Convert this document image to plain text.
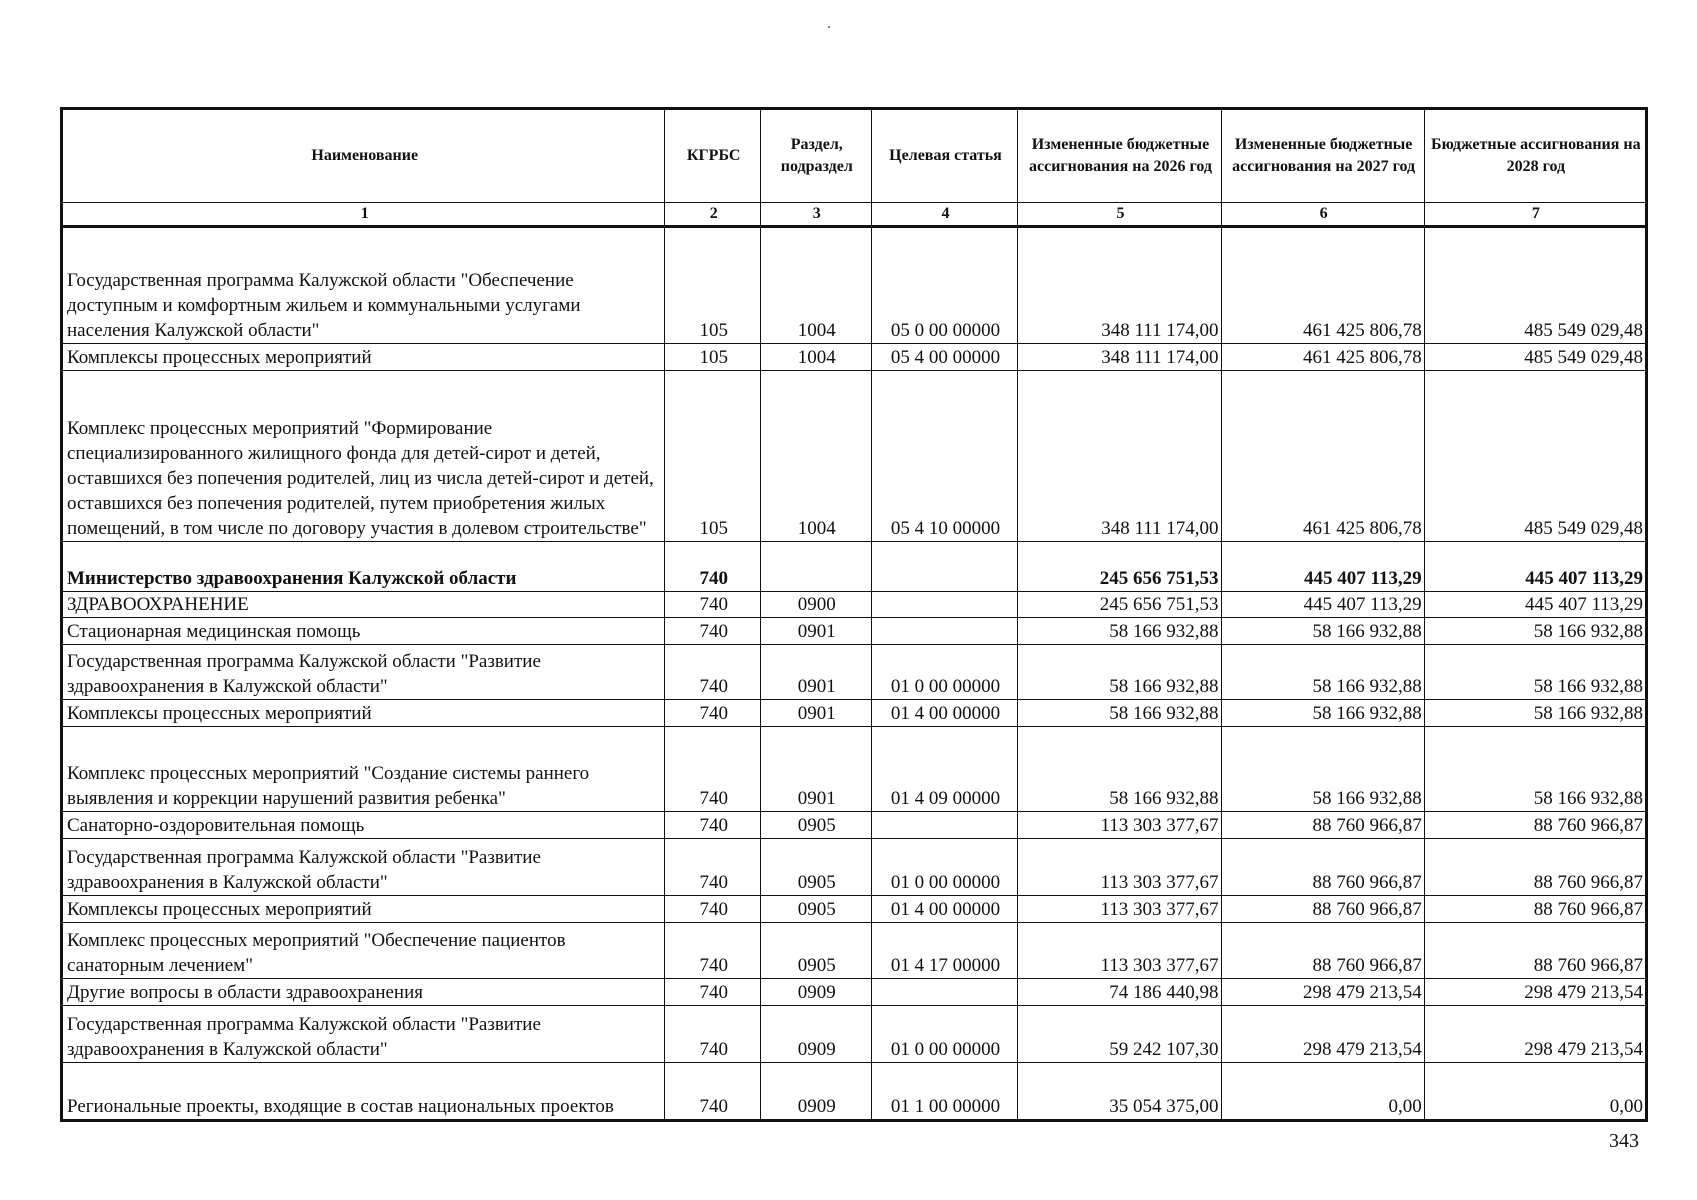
Наименование	КГРБС	Раздел, подраздел	Целевая статья	Измененные бюджетные ассигнования на 2026 год	Измененные бюджетные ассигнования на 2027 год	Бюджетные ассигнования на 2028 год
1	2	3	4	5	6	7
Государственная программа Калужской области "Обеспечение доступным и комфортным жильем и коммунальными услугами населения Калужской области"	105	1004	05 0 00 00000	348 111 174,00	461 425 806,78	485 549 029,48
Комплексы процессных мероприятий	105	1004	05 4 00 00000	348 111 174,00	461 425 806,78	485 549 029,48
Комплекс процессных мероприятий "Формирование специализированного жилищного фонда для детей-сирот и детей, оставшихся без попечения родителей, лиц из числа детей-сирот и детей, оставшихся без попечения родителей, путем приобретения жилых помещений, в том числе по договору участия в долевом строительстве"	105	1004	05 4 10 00000	348 111 174,00	461 425 806,78	485 549 029,48
Министерство здравоохранения Калужской области	740			245 656 751,53	445 407 113,29	445 407 113,29
ЗДРАВООХРАНЕНИЕ	740	0900		245 656 751,53	445 407 113,29	445 407 113,29
Стационарная медицинская помощь	740	0901		58 166 932,88	58 166 932,88	58 166 932,88
Государственная программа Калужской области "Развитие здравоохранения в Калужской области"	740	0901	01 0 00 00000	58 166 932,88	58 166 932,88	58 166 932,88
Комплексы процессных мероприятий	740	0901	01 4 00 00000	58 166 932,88	58 166 932,88	58 166 932,88
Комплекс процессных мероприятий "Создание системы раннего выявления и коррекции нарушений развития ребенка"	740	0901	01 4 09 00000	58 166 932,88	58 166 932,88	58 166 932,88
Санаторно-оздоровительная помощь	740	0905		113 303 377,67	88 760 966,87	88 760 966,87
Государственная программа Калужской области "Развитие здравоохранения в Калужской области"	740	0905	01 0 00 00000	113 303 377,67	88 760 966,87	88 760 966,87
Комплексы процессных мероприятий	740	0905	01 4 00 00000	113 303 377,67	88 760 966,87	88 760 966,87
Комплекс процессных мероприятий "Обеспечение пациентов санаторным лечением"	740	0905	01 4 17 00000	113 303 377,67	88 760 966,87	88 760 966,87
Другие вопросы в области здравоохранения	740	0909		74 186 440,98	298 479 213,54	298 479 213,54
Государственная программа Калужской области "Развитие здравоохранения в Калужской области"	740	0909	01 0 00 00000	59 242 107,30	298 479 213,54	298 479 213,54
Региональные проекты, входящие в состав национальных проектов	740	0909	01 1 00 00000	35 054 375,00	0,00	0,00
343
